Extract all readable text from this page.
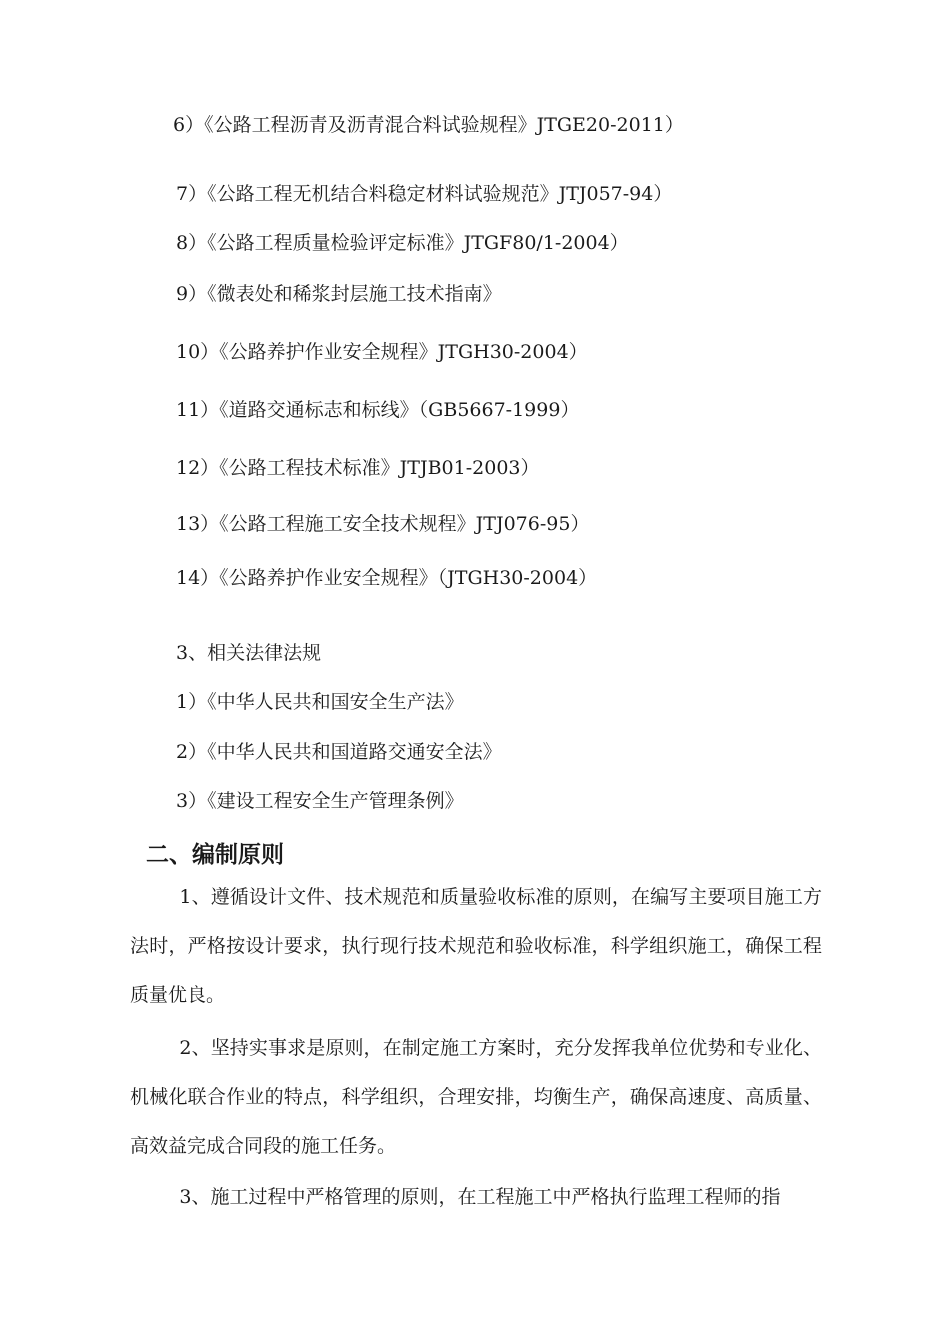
6）《公路工程沥青及沥青混合料试验规程》JTGE20-2011）
7）《公路工程无机结合料稳定材料试验规范》JTJ057-94）
8）《公路工程质量检验评定标准》JTGF80/1-2004）
9）《微表处和稀浆封层施工技术指南》
10）《公路养护作业安全规程》JTGH30-2004）
11）《道路交通标志和标线》（GB5667-1999）
12）《公路工程技术标准》JTJB01-2003）
13）《公路工程施工安全技术规程》JTJ076-95）
14）《公路养护作业安全规程》（JTGH30-2004）
3、相关法律法规
1）《中华人民共和国安全生产法》
2）《中华人民共和国道路交通安全法》
3）《建设工程安全生产管理条例》
二、编制原则
1、遵循设计文件、技术规范和质量验收标准的原则，在编写主要项目施工方法时，严格按设计要求，执行现行技术规范和验收标准，科学组织施工，确保工程质量优良。
2、坚持实事求是原则，在制定施工方案时，充分发挥我单位优势和专业化、机械化联合作业的特点，科学组织，合理安排，均衡生产，确保高速度、高质量、高效益完成合同段的施工任务。
3、施工过程中严格管理的原则，在工程施工中严格执行监理工程师的指
